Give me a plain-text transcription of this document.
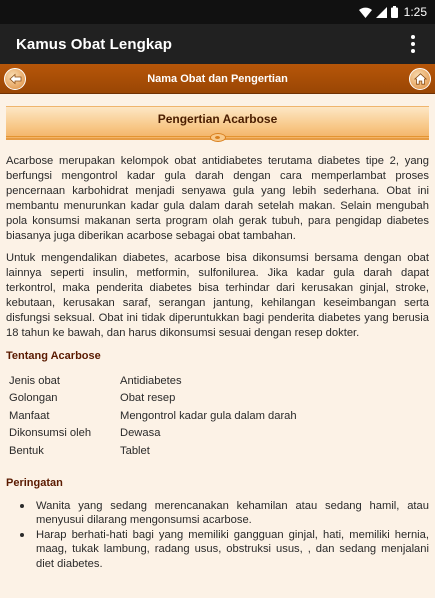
1:25
Kamus Obat Lengkap
Nama Obat dan Pengertian
Pengertian Acarbose

Acarbose merupakan kelompok obat antidiabetes terutama diabetes tipe 2, yang berfungsi mengontrol kadar gula darah dengan cara memperlambat proses pencernaan karbohidrat menjadi senyawa gula yang lebih sederhana. Obat ini membantu menurunkan kadar gula dalam darah setelah makan. Selain mengubah pola konsumsi makanan serta program olah gerak tubuh, para pengidap diabetes biasanya juga diberikan acarbose sebagai obat tambahan.

Untuk mengendalikan diabetes, acarbose bisa dikonsumsi bersama dengan obat lainnya seperti insulin, metformin, sulfonilurea. Jika kadar gula darah dapat terkontrol, maka penderita diabetes bisa terhindar dari kerusakan ginjal, stroke, kebutaan, kerusakan saraf, serangan jantung, kehilangan keseimbangan serta disfungsi seksual. Obat ini tidak diperuntukkan bagi penderita diabetes yang berusia 18 tahun ke bawah, dan harus dikonsumsi sesuai dengan resep dokter.

Tentang Acarbose
Jenis obat	Antidiabetes
Golongan	Obat resep
Manfaat	Mengontrol kadar gula dalam darah
Dikonsumsi oleh	Dewasa
Bentuk	Tablet
Peringatan
Wanita yang sedang merencanakan kehamilan atau sedang hamil, atau menyusui dilarang mengonsumsi acarbose.
Harap berhati-hati bagi yang memiliki gangguan ginjal, hati, memiliki hernia, maag, tukak lambung, radang usus, obstruksi usus, , dan sedang menjalani diet diabetes.
